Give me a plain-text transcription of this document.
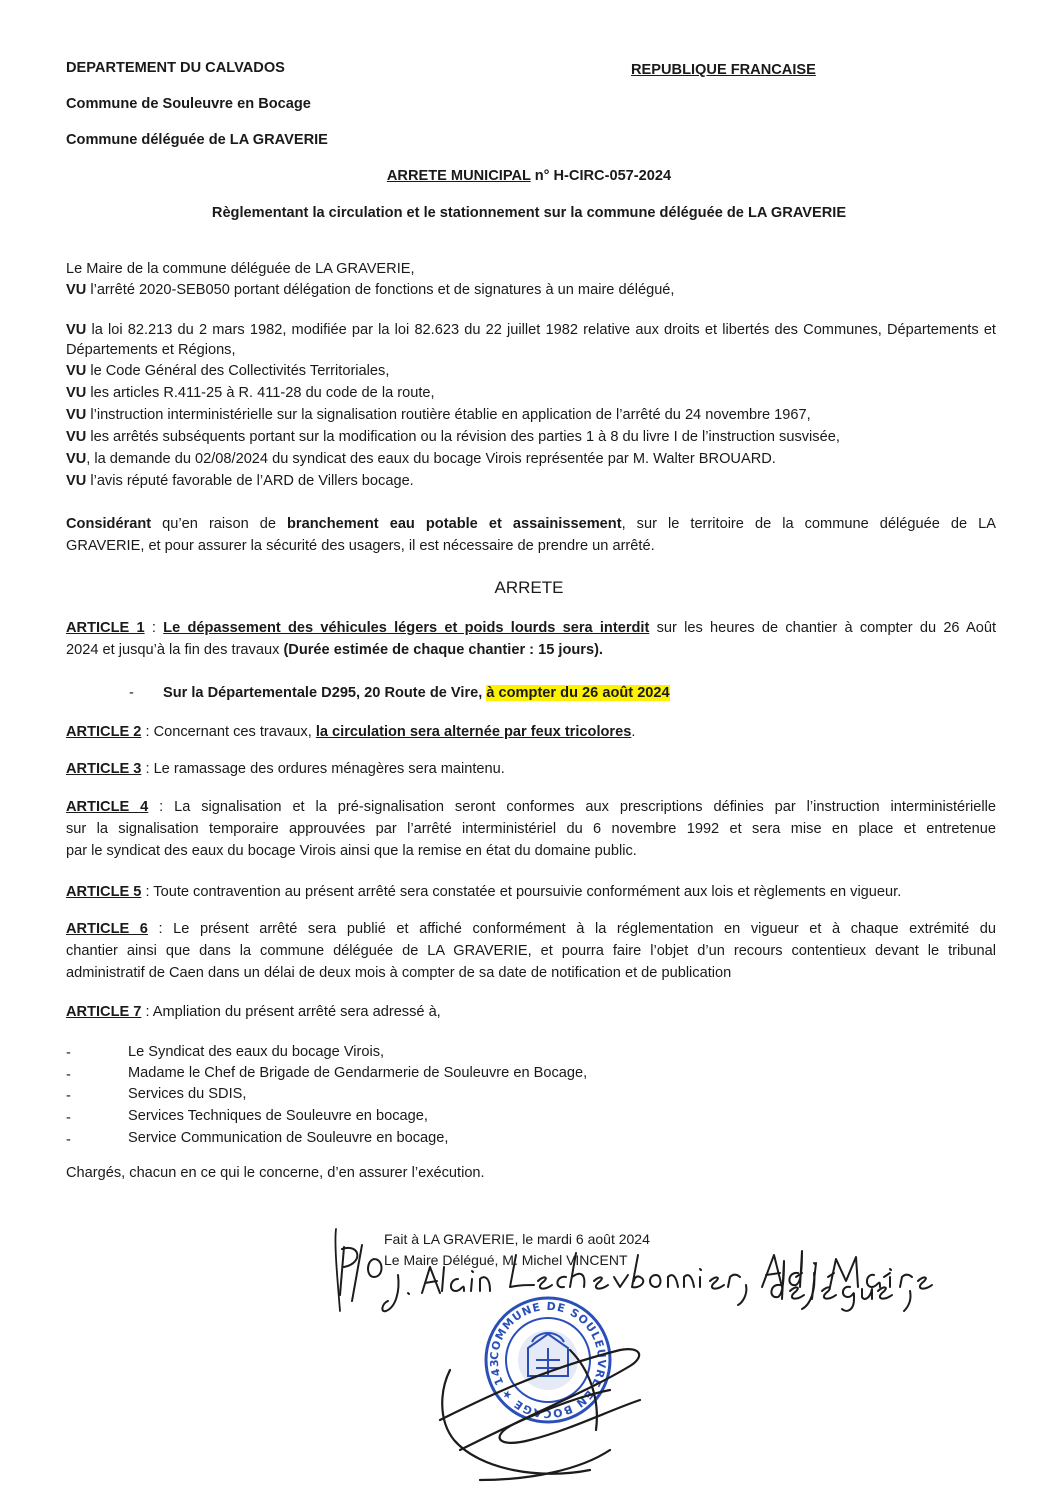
DEPARTEMENT DU CALVADOS	REPUBLIQUE FRANCAISE
Commune de Souleuvre en Bocage
Commune déléguée de LA GRAVERIE
ARRETE MUNICIPAL n° H-CIRC-057-2024
Règlementant la circulation et le stationnement sur la commune déléguée de LA GRAVERIE
Le Maire de la commune déléguée de LA GRAVERIE,
VU l’arrêté 2020-SEB050 portant délégation de fonctions et de signatures à un maire délégué,
VU la loi 82.213 du 2 mars 1982, modifiée par la loi 82.623 du 22 juillet 1982 relative aux droits et libertés des Communes, Départements et
Départements et Régions,
VU le Code Général des Collectivités Territoriales,
VU les articles R.411-25 à R. 411-28 du code de la route,
VU l’instruction interministérielle sur la signalisation routière établie en application de l’arrêté du 24 novembre 1967,
VU les arrêtés subséquents portant sur la modification ou la révision des parties 1 à 8 du livre I de l’instruction susvisée,
VU, la demande du 02/08/2024 du syndicat des eaux du bocage Virois représentée par M. Walter BROUARD.
VU l’avis réputé favorable de l’ARD de Villers bocage.
Considérant qu’en raison de branchement eau potable et assainissement, sur le territoire de la commune déléguée de LA
GRAVERIE, et pour assurer la sécurité des usagers, il est nécessaire de prendre un arrêté.
ARRETE
ARTICLE 1 : Le dépassement des véhicules légers et poids lourds sera interdit sur les heures de chantier à compter du 26 Août
2024 et jusqu’à la fin des travaux (Durée estimée de chaque chantier : 15 jours).
- Sur la Départementale D295, 20 Route de Vire, à compter du 26 août 2024
ARTICLE 2 : Concernant ces travaux, la circulation sera alternée par feux tricolores.
ARTICLE 3 : Le ramassage des ordures ménagères sera maintenu.
ARTICLE 4 : La signalisation et la pré-signalisation seront conformes aux prescriptions définies par l’instruction interministérielle
sur la signalisation temporaire approuvées par l’arrêté interministériel du 6 novembre 1992 et sera mise en place et entretenue
par le syndicat des eaux du bocage Virois ainsi que la remise en état du domaine public.
ARTICLE 5 : Toute contravention au présent arrêté sera constatée et poursuivie conformément aux lois et règlements en vigueur.
ARTICLE 6 : Le présent arrêté sera publié et affiché conformément à la réglementation en vigueur et à chaque extrémité du
chantier ainsi que dans la commune déléguée de LA GRAVERIE, et pourra faire l’objet d’un recours contentieux devant le tribunal
administratif de Caen dans un délai de deux mois à compter de sa date de notification et de publication
ARTICLE 7 : Ampliation du présent arrêté sera adressé à,
-	Le Syndicat des eaux du bocage Virois,
-	Madame le Chef de Brigade de Gendarmerie de Souleuvre en Bocage,
-	Services du SDIS,
-	Services Techniques de Souleuvre en bocage,
-	Service Communication de Souleuvre en bocage,
Chargés, chacun en ce qui le concerne, d’en assurer l’exécution.
Fait à LA GRAVERIE, le mardi 6 août 2024
Le Maire Délégué, M. Michel VINCENT
COMMUNE DE SOULEUVRE EN BOCAGE ★ 14350 ★
